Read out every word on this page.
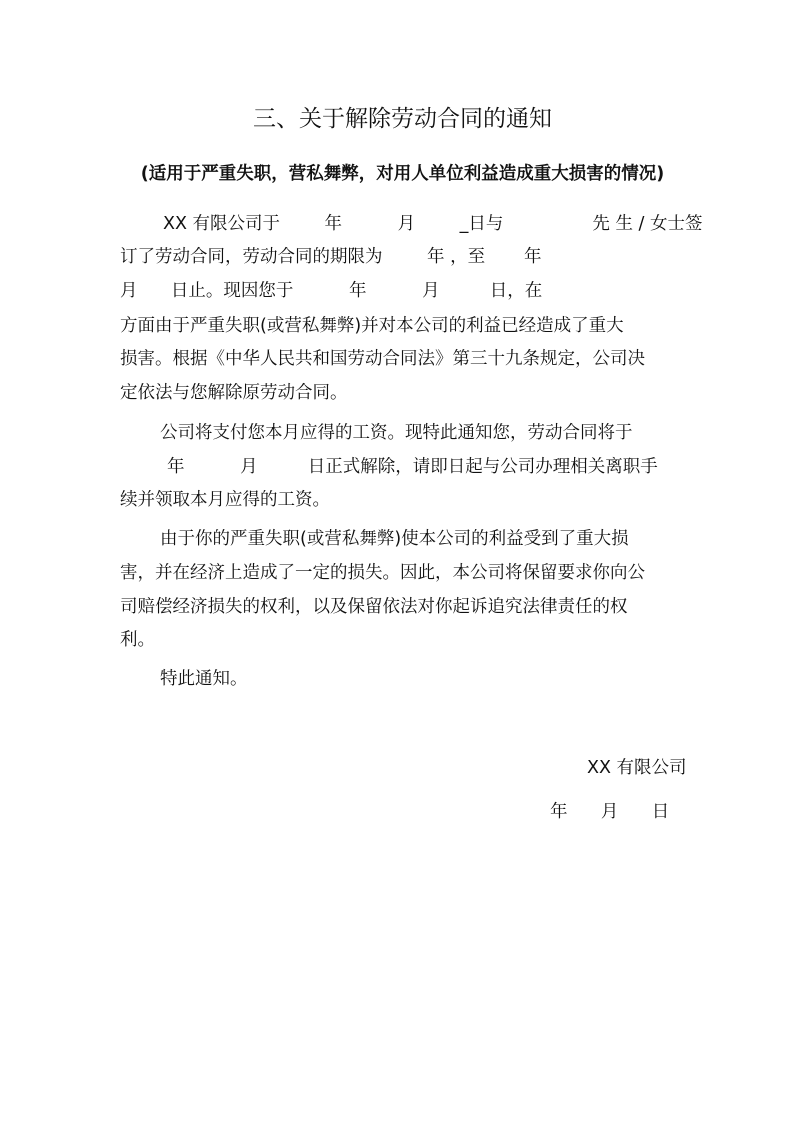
三、关于解除劳动合同的通知
(适用于严重失职，营私舞弊，对用人单位利益造成重大损害的情况)
XX 有限公司于        年          月        _日与                先 生 / 女士签
订了劳动合同，劳动合同的期限为        年 ，至       年
月      日止。现因您于          年          月         日，在
方面由于严重失职(或营私舞弊)并对本公司的利益已经造成了重大
损害。根据《中华人民共和国劳动合同法》第三十九条规定，公司决
定依法与您解除原劳动合同。
公司将支付您本月应得的工资。现特此通知您，劳动合同将于
年          月         日正式解除，请即日起与公司办理相关离职手
续并领取本月应得的工资。
由于你的严重失职(或营私舞弊)使本公司的利益受到了重大损
害，并在经济上造成了一定的损失。因此，本公司将保留要求你向公
司赔偿经济损失的权利，以及保留依法对你起诉追究法律责任的权
利。
特此通知。
XX 有限公司
年      月      日
